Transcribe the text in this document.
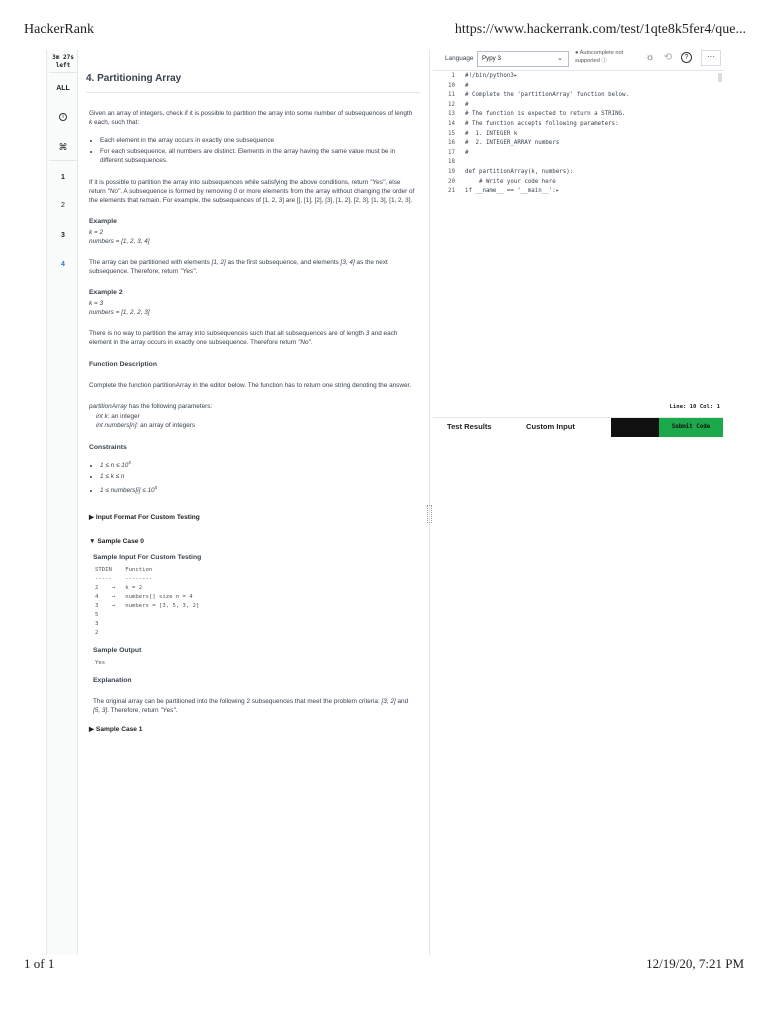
HackerRank	https://www.hackerrank.com/test/1qte8k5fer4/que...
3m 27s
left
ALL
i
⌘
1
2
3
4
4. Partitioning Array

Given an array of integers, check if it is possible to partition the array into some number of subsequences of length k each, such that:

• Each element in the array occurs in exactly one subsequence
• For each subsequence, all numbers are distinct. Elements in the array having the same value must be in different subsequences.

If it is possible to partition the array into subsequences while satisfying the above conditions, return "Yes", else return "No". A subsequence is formed by removing 0 or more elements from the array without changing the order of the elements that remain. For example, the subsequences of [1, 2, 3] are [], [1], [2], [3], [1, 2], [2, 3], [1, 3], [1, 2, 3].

Example
k = 2
numbers = [1, 2, 3, 4]

The array can be partitioned with elements [1, 2] as the first subsequence, and elements [3, 4] as the next subsequence. Therefore, return "Yes".

Example 2
k = 3
numbers = [1, 2, 2, 3]

There is no way to partition the array into subsequences such that all subsequences are of length 3 and each element in the array occurs in exactly one subsequence. Therefore return "No".

Function Description

Complete the function partitionArray in the editor below. The function has to return one string denoting the answer.

partitionArray has the following parameters:

int k: an integer
int numbers[n]: an array of integers
Constraints
• $1 \le n \le 10^5$
• 1 ≤ k ≤ n
• 1 ≤ numbers[i] ≤ $10^5$
▶ Input Format For Custom Testing
▼ Sample Case 0
Sample Input For Custom Testing
STDIN    Function
-----    --------
2    →   k = 2
4    →   numbers[] size n = 4
3    →   numbers = [3, 5, 3, 2]
5
3
2
Sample Output
Yes
Explanation

The original array can be partitioned into the following 2 subsequences that meet the problem criteria: [3, 2] and [5, 3]. Therefore, return "Yes".

▶ Sample Case 1
Language	Pypy 3	⌄
● Autocomplete not
supported ⓘ	☼ ⟲	?	···
1	#!/bin/python3▸
10	#
11	# Complete the 'partitionArray' function below.
12	#
13	# The function is expected to return a STRING.
14	# The function accepts following parameters:
15	#  1. INTEGER k
16	#  2. INTEGER_ARRAY numbers
17	#
18
19	def partitionArray(k, numbers):
20	# Write your code here
21	if __name__ == '__main__':▸
Line: 10 Col: 1
Test Results	Custom Input	Submit Code
1 of 1	12/19/20, 7:21 PM
